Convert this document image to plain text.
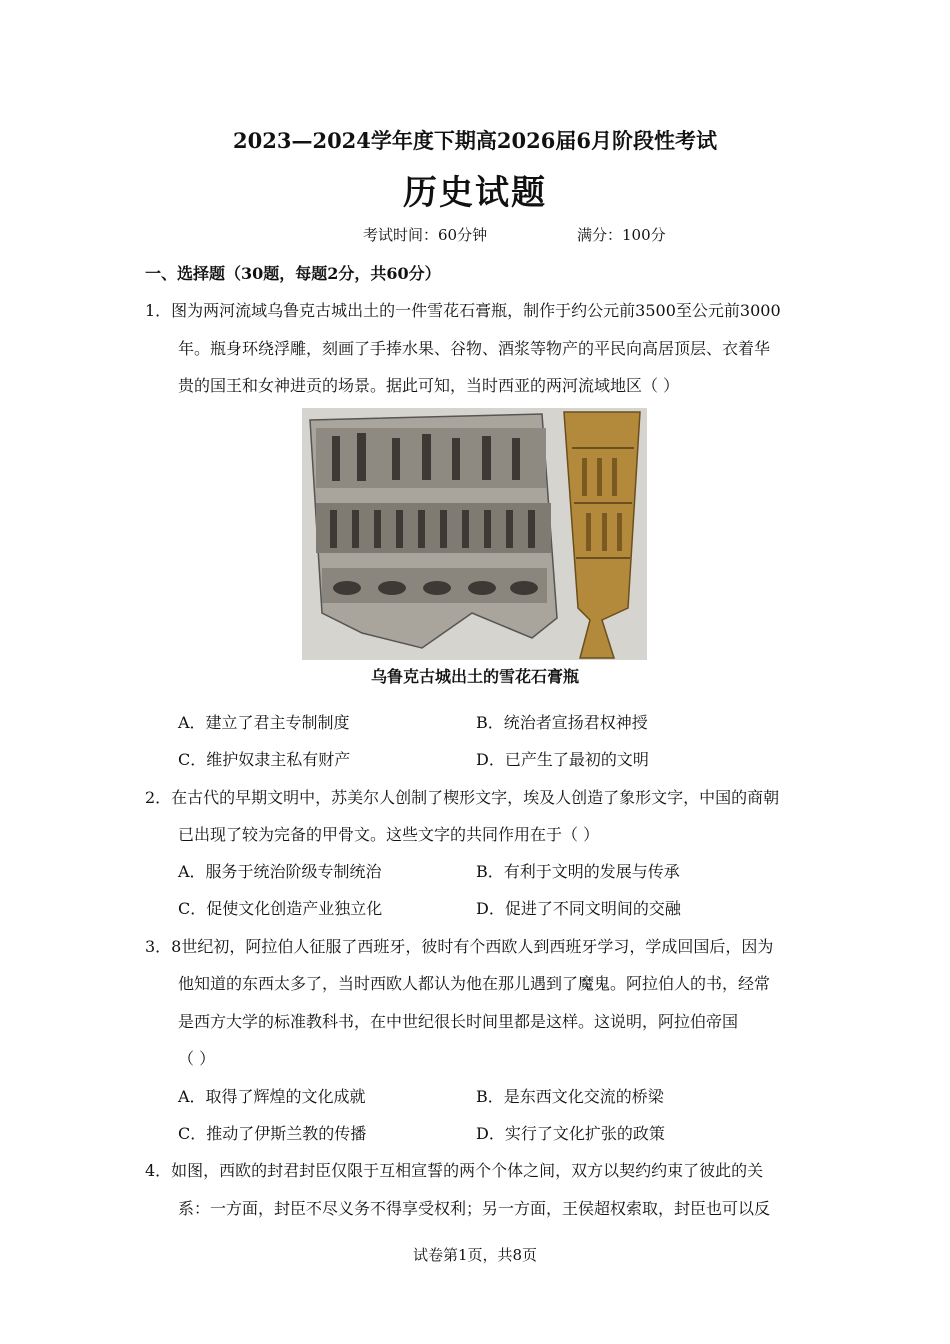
2023—2024学年度下期高2026届6月阶段性考试
历史试题
考试时间：60分钟	满分：100分
一、选择题（30题，每题2分，共60分）
1．图为两河流域乌鲁克古城出土的一件雪花石膏瓶，制作于约公元前3500至公元前3000
年。瓶身环绕浮雕，刻画了手捧水果、谷物、酒浆等物产的平民向高居顶层、衣着华
贵的国王和女神进贡的场景。据此可知，当时西亚的两河流域地区（ ）
乌鲁克古城出土的雪花石膏瓶
A．建立了君主专制制度	B．统治者宣扬君权神授
C．维护奴隶主私有财产	D．已产生了最初的文明
2．在古代的早期文明中，苏美尔人创制了楔形文字，埃及人创造了象形文字，中国的商朝
已出现了较为完备的甲骨文。这些文字的共同作用在于（ ）
A．服务于统治阶级专制统治	B．有利于文明的发展与传承
C．促使文化创造产业独立化	D．促进了不同文明间的交融
3．8世纪初，阿拉伯人征服了西班牙，彼时有个西欧人到西班牙学习，学成回国后，因为
他知道的东西太多了，当时西欧人都认为他在那儿遇到了魔鬼。阿拉伯人的书，经常
是西方大学的标准教科书，在中世纪很长时间里都是这样。这说明，阿拉伯帝国
（ ）
A．取得了辉煌的文化成就	B．是东西文化交流的桥梁
C．推动了伊斯兰教的传播	D．实行了文化扩张的政策
4．如图，西欧的封君封臣仅限于互相宣誓的两个个体之间，双方以契约约束了彼此的关
系：一方面，封臣不尽义务不得享受权利；另一方面，王侯超权索取，封臣也可以反
试卷第1页，共8页
